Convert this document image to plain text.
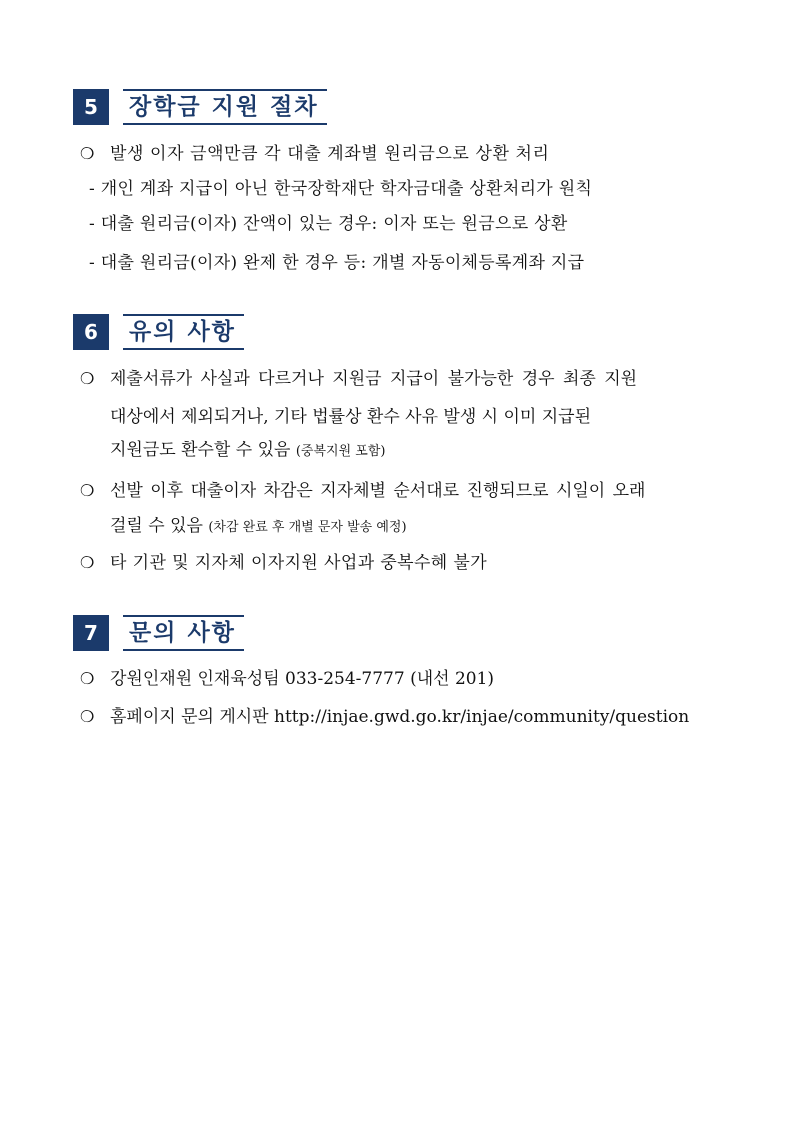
5	장학금 지원 절차
❍ 발생 이자 금액만큼 각 대출 계좌별 원리금으로 상환 처리
- 개인 계좌 지급이 아닌 한국장학재단 학자금대출 상환처리가 원칙
- 대출 원리금(이자) 잔액이 있는 경우: 이자 또는 원금으로 상환
- 대출 원리금(이자) 완제 한 경우 등: 개별 자동이체등록계좌 지급
6	유의 사항
❍ 제출서류가 사실과 다르거나 지원금 지급이 불가능한 경우 최종 지원
대상에서 제외되거나, 기타 법률상 환수 사유 발생 시 이미 지급된
지원금도 환수할 수 있음 (중복지원 포함)
❍ 선발 이후 대출이자 차감은 지자체별 순서대로 진행되므로 시일이 오래
걸릴 수 있음 (차감 완료 후 개별 문자 발송 예정)
❍ 타 기관 및 지자체 이자지원 사업과 중복수혜 불가
7	문의 사항
❍ 강원인재원 인재육성팀 033-254-7777 (내선 201)
❍ 홈페이지 문의 게시판 http://injae.gwd.go.kr/injae/community/question
